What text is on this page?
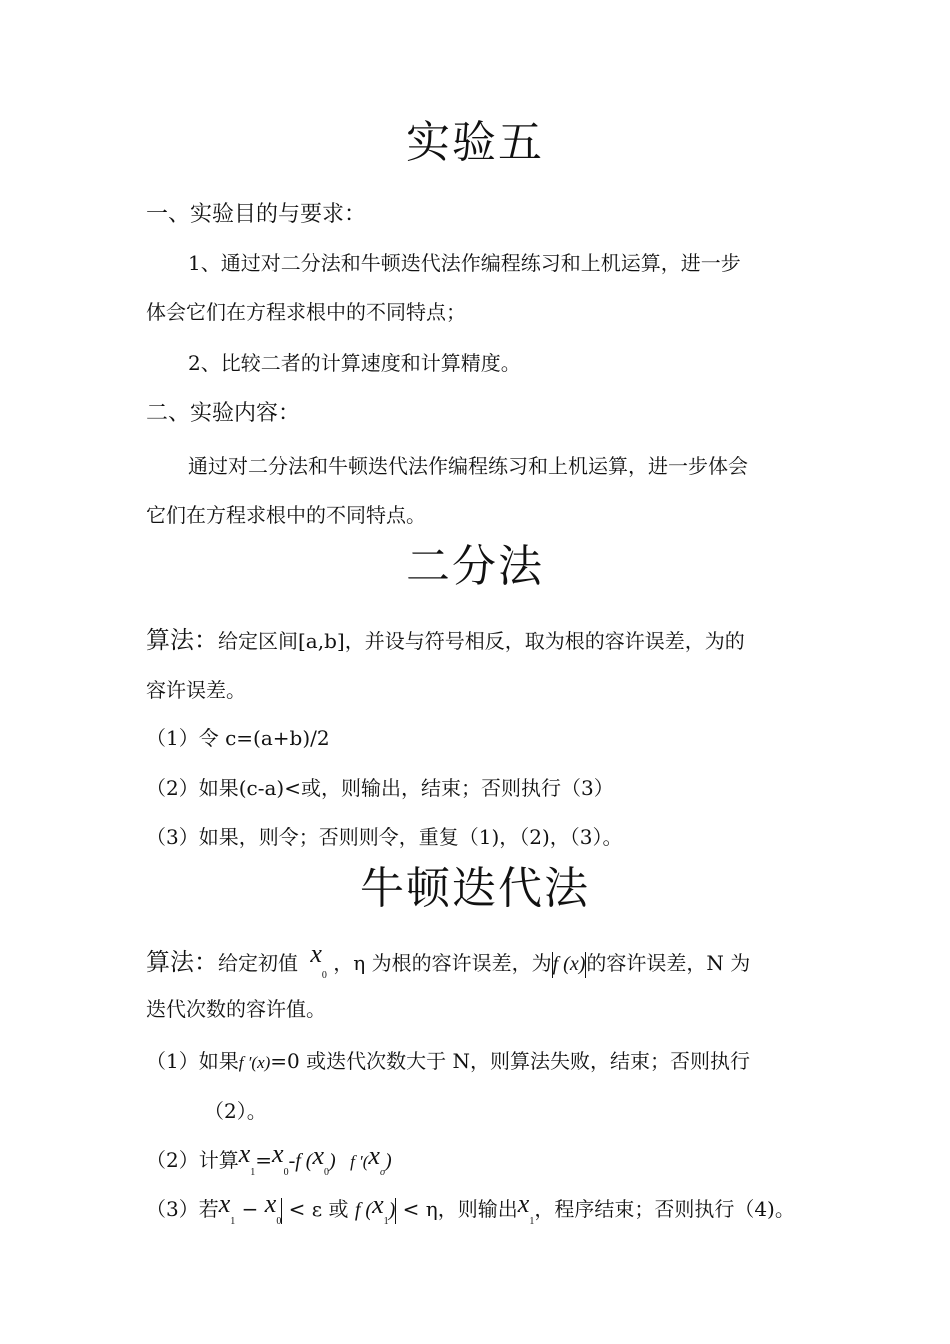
实验五
一、实验目的与要求：
1、通过对二分法和牛顿迭代法作编程练习和上机运算，进一步
体会它们在方程求根中的不同特点；
2、比较二者的计算速度和计算精度。
二、实验内容：
通过对二分法和牛顿迭代法作编程练习和上机运算，进一步体会
它们在方程求根中的不同特点。
二分法
算法：给定区间[a,b]，并设与符号相反，取为根的容许误差，为的
容许误差。
（1）令 c=(a+b)/2
（2）如果(c-a)<或，则输出，结束；否则执行（3）
（3）如果，则令；否则则令，重复（1)，（2)，（3）。
牛顿迭代法
算法：给定初值 $x_0$ ，η 为根的容许误差，为f (x)的容许误差，N 为
迭代次数的容许值。
（1）如果f ′(x)=0 或迭代次数大于 N，则算法失败，结束；否则执行
（2）。
（2）计算$x_1=x_0-f$ $(x_0)$ f $'(x_o)$
（3）若$x_1 - x_0 < \varepsilon$ 或 f $(x_1) < \eta$，则输出$x_1$，程序结束；否则执行（4)。
